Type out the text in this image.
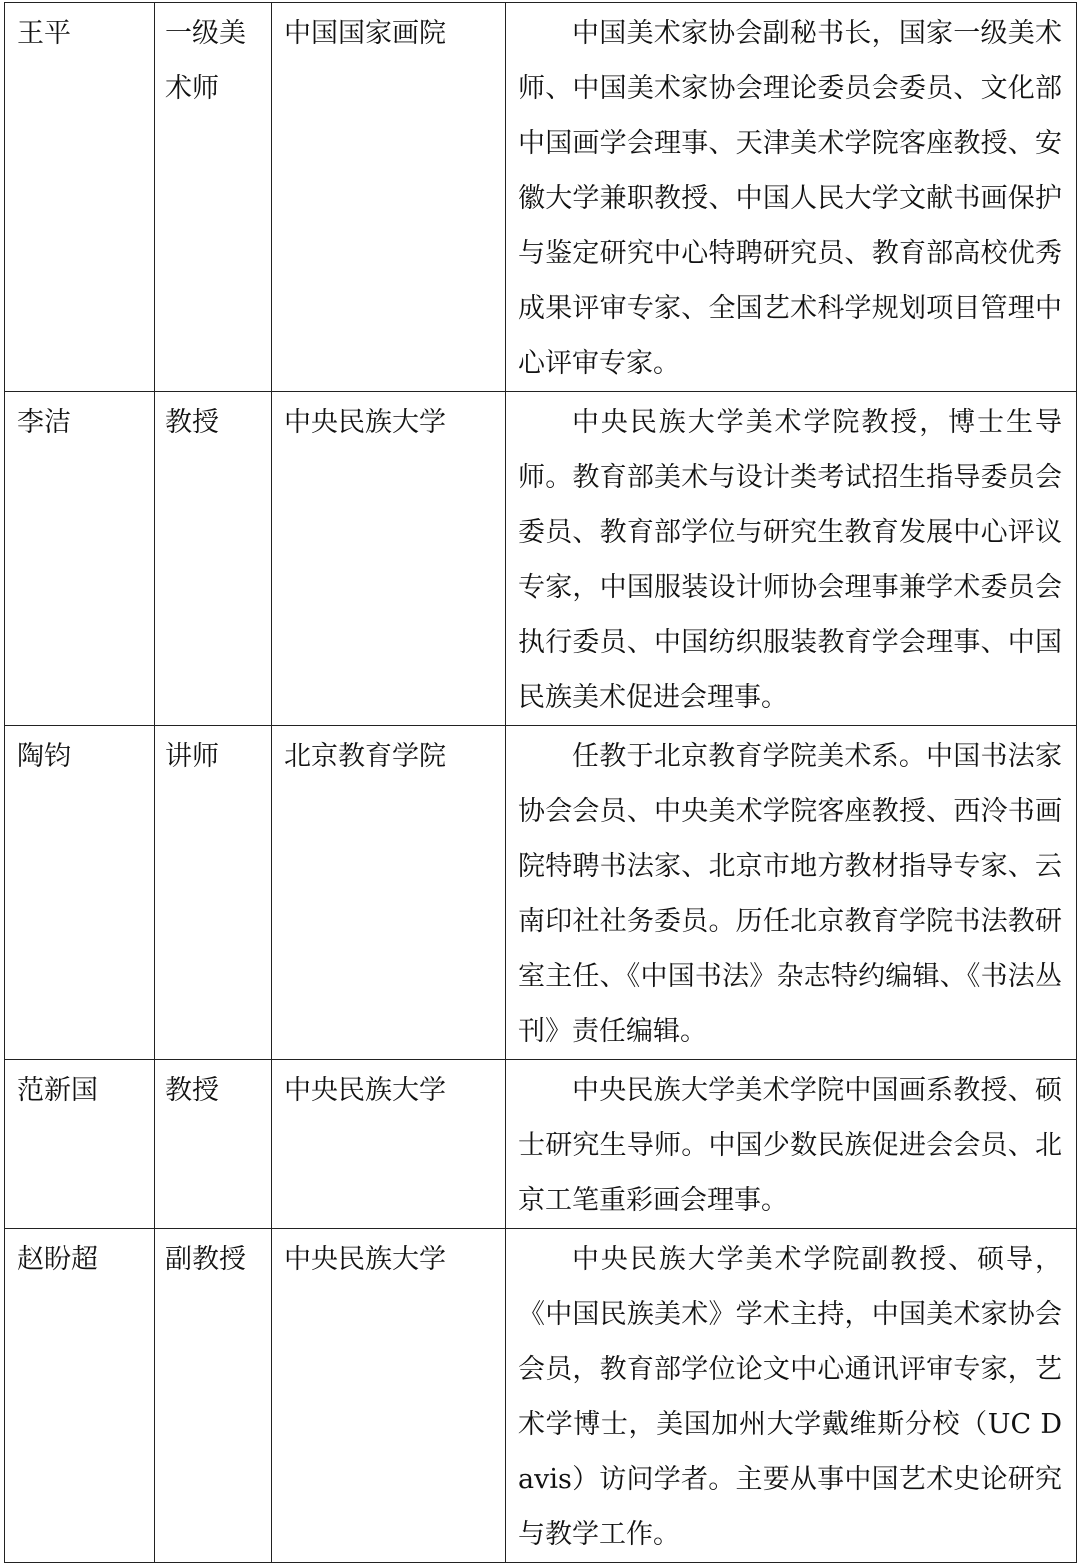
王平	一级美术师	中国国家画院	中国美术家协会副秘书长，国家一级美术师、中国美术家协会理论委员会委员、文化部中国画学会理事、天津美术学院客座教授、安徽大学兼职教授、中国人民大学文献书画保护与鉴定研究中心特聘研究员、教育部高校优秀成果评审专家、全国艺术科学规划项目管理中心评审专家。
李洁	教授	中央民族大学	中央民族大学美术学院教授，博士生导师。教育部美术与设计类考试招生指导委员会委员、教育部学位与研究生教育发展中心评议专家，中国服装设计师协会理事兼学术委员会执行委员、中国纺织服装教育学会理事、中国民族美术促进会理事。
陶钧	讲师	北京教育学院	任教于北京教育学院美术系。中国书法家协会会员、中央美术学院客座教授、西泠书画院特聘书法家、北京市地方教材指导专家、云南印社社务委员。历任北京教育学院书法教研室主任、《中国书法》杂志特约编辑、《书法丛刊》责任编辑。
范新国	教授	中央民族大学	中央民族大学美术学院中国画系教授、硕士研究生导师。中国少数民族促进会会员、北京工笔重彩画会理事。
赵盼超	副教授	中央民族大学	中央民族大学美术学院副教授、硕导，《中国民族美术》学术主持，中国美术家协会会员，教育部学位论文中心通讯评审专家，艺术学博士，美国加州大学戴维斯分校（UC Davis）访问学者。主要从事中国艺术史论研究与教学工作。
